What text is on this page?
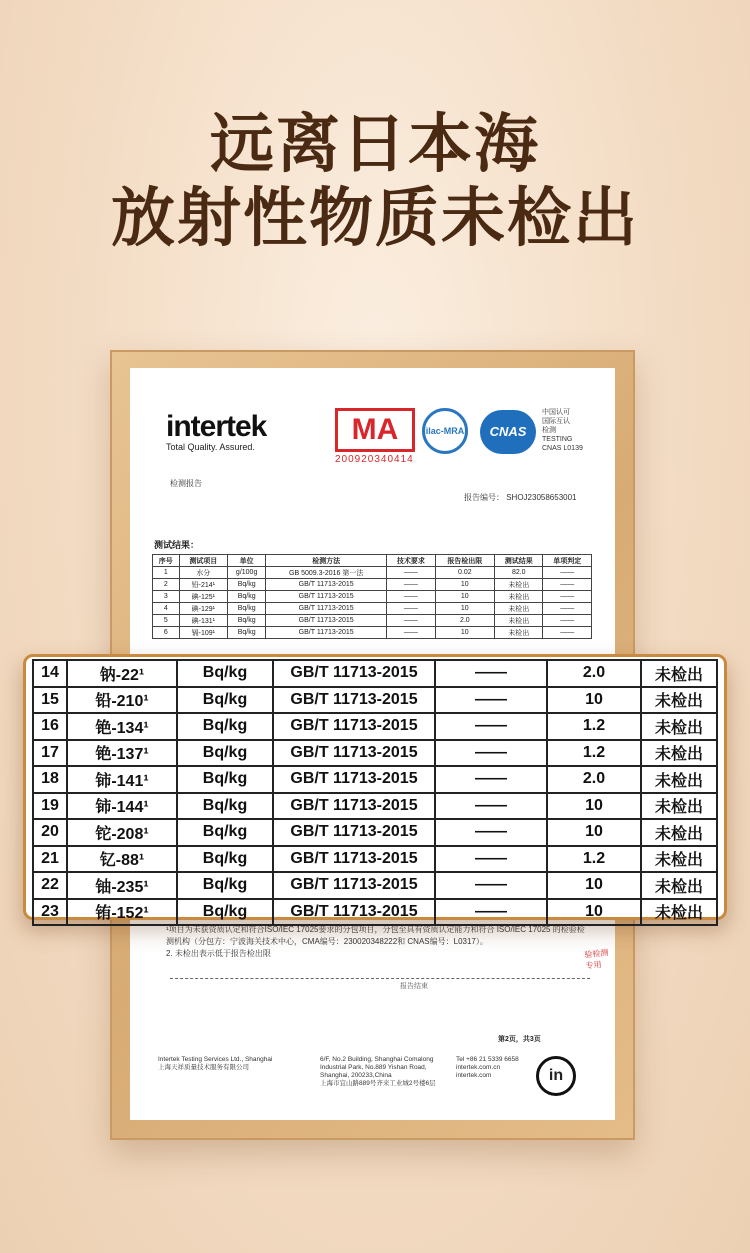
远离日本海
放射性物质未检出
intertek
Total Quality. Assured.
MA
200920340414
ilac-MRA	CNAS
中国认可
国际互认
检测
TESTING
CNAS L0139
检测报告
报告编号： SHOJ23058653001
测试结果：
序号	测试项目	单位	检测方法	技术要求	报告检出限	测试结果	单项判定
1	水分	g/100g	GB 5009.3-2016 第一法	——	0.02	82.0	——
2	铅-214¹	Bq/kg	GB/T 11713-2015	——	10	未检出	——
3	碘-125¹	Bq/kg	GB/T 11713-2015	——	10	未检出	——
4	碘-129¹	Bq/kg	GB/T 11713-2015	——	10	未检出	——
5	碘-131¹	Bq/kg	GB/T 11713-2015	——	2.0	未检出	——
6	镉-109¹	Bq/kg	GB/T 11713-2015	——	10	未检出	——
¹项目为未获资质认定和符合ISO/IEC 17025要求的分包项目，分包至具有资质认定能力和符合 ISO/IEC 17025 的检验检测机构（分包方：宁波海关技术中心，CMA编号：230020348222和 CNAS编号：L0317）。
2. 未检出表示低于报告检出限
报告结束
验检测专用
第2页，共3页
Intertek Testing Services Ltd., Shanghai
上海天祥质量技术服务有限公司
6/F, No.2 Building, Shanghai Comalong
Industrial Park, No.889 Yishan Road,
Shanghai, 200233,China
上海市宜山路889号齐来工业城2号楼6层
Tel +86 21 5339 6658
intertek.com.cn
intertek.com	in
14	钠-22¹	Bq/kg	GB/T 11713-2015	——	2.0	未检出
15	铅-210¹	Bq/kg	GB/T 11713-2015	——	10	未检出
16	铯-134¹	Bq/kg	GB/T 11713-2015	——	1.2	未检出
17	铯-137¹	Bq/kg	GB/T 11713-2015	——	1.2	未检出
18	铈-141¹	Bq/kg	GB/T 11713-2015	——	2.0	未检出
19	铈-144¹	Bq/kg	GB/T 11713-2015	——	10	未检出
20	铊-208¹	Bq/kg	GB/T 11713-2015	——	10	未检出
21	钇-88¹	Bq/kg	GB/T 11713-2015	——	1.2	未检出
22	铀-235¹	Bq/kg	GB/T 11713-2015	——	10	未检出
23	铕-152¹	Bq/kg	GB/T 11713-2015	——	10	未检出
